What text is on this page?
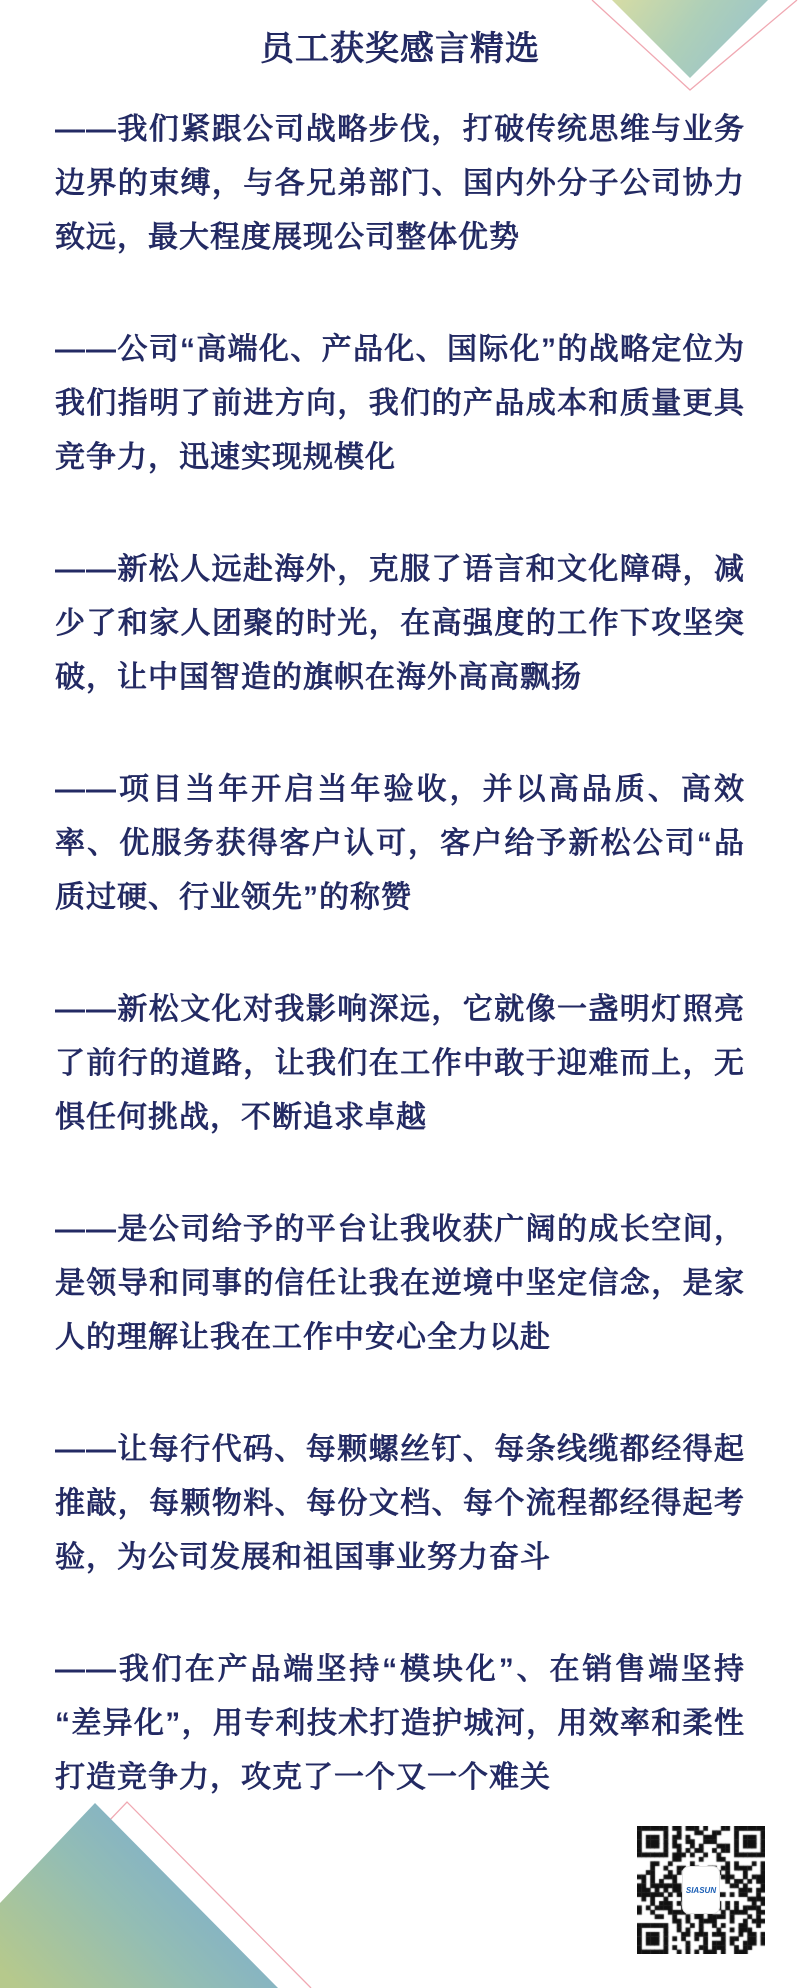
员工获奖感言精选

——我们紧跟公司战略步伐，打破传统思维与业务边界的束缚，与各兄弟部门、国内外分子公司协力致远，最大程度展现公司整体优势

——公司“高端化、产品化、国际化”的战略定位为我们指明了前进方向，我们的产品成本和质量更具竞争力，迅速实现规模化

——新松人远赴海外，克服了语言和文化障碍，减少了和家人团聚的时光，在高强度的工作下攻坚突破，让中国智造的旗帜在海外高高飘扬

——项目当年开启当年验收，并以高品质、高效率、优服务获得客户认可，客户给予新松公司“品质过硬、行业领先”的称赞

——新松文化对我影响深远，它就像一盏明灯照亮了前行的道路，让我们在工作中敢于迎难而上，无惧任何挑战，不断追求卓越

——是公司给予的平台让我收获广阔的成长空间，是领导和同事的信任让我在逆境中坚定信念，是家人的理解让我在工作中安心全力以赴

——让每行代码、每颗螺丝钉、每条线缆都经得起推敲，每颗物料、每份文档、每个流程都经得起考验，为公司发展和祖国事业努力奋斗

——我们在产品端坚持“模块化”、在销售端坚持“差异化”，用专利技术打造护城河，用效率和柔性打造竞争力，攻克了一个又一个难关

SIASUN
